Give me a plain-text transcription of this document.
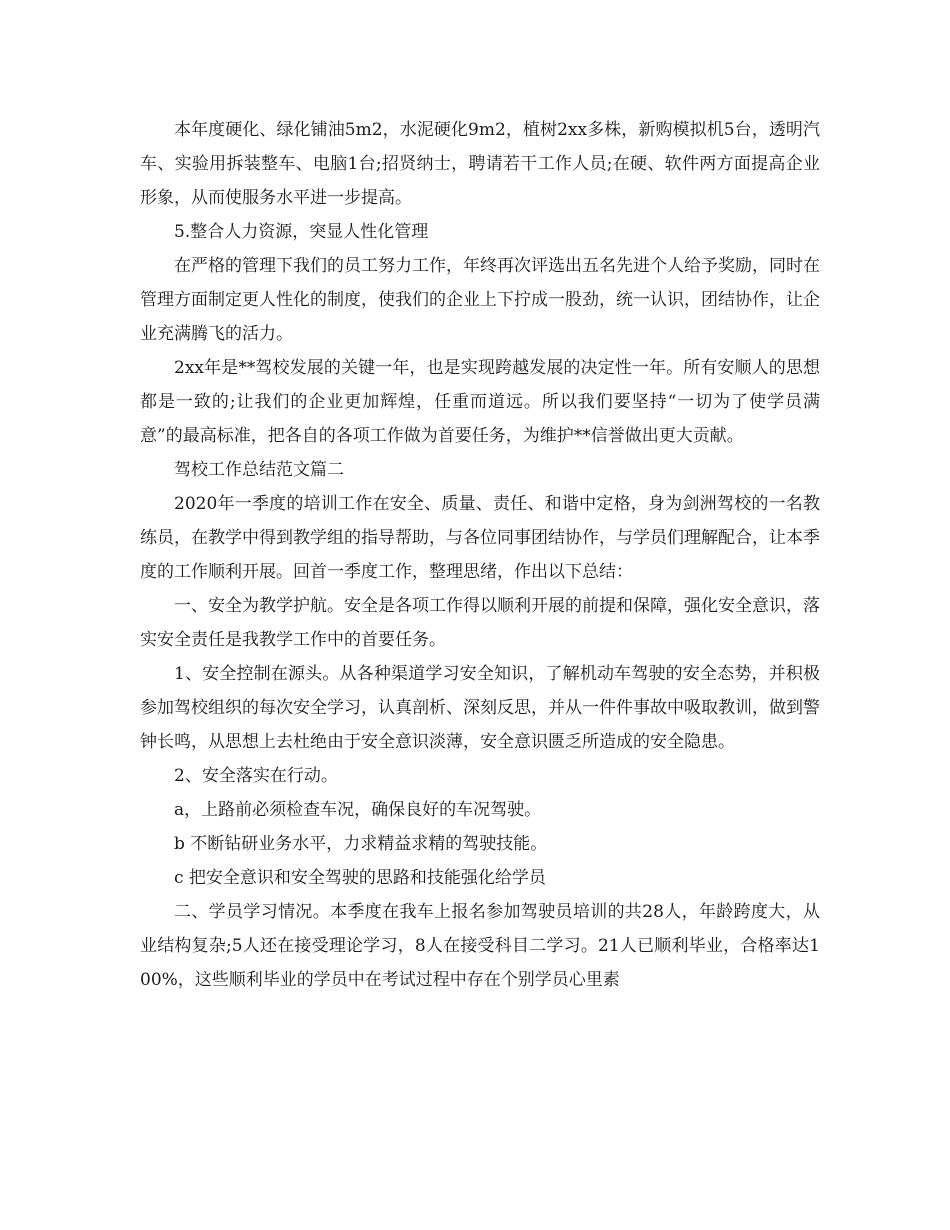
本年度硬化、绿化铺油5m2，水泥硬化9m2，植树2xx多株，新购模拟机5台，透明汽车、实验用拆装整车、电脑1台;招贤纳士，聘请若干工作人员;在硬、软件两方面提高企业形象，从而使服务水平进一步提高。

5.整合人力资源，突显人性化管理

在严格的管理下我们的员工努力工作，年终再次评选出五名先进个人给予奖励，同时在管理方面制定更人性化的制度，使我们的企业上下拧成一股劲，统一认识，团结协作，让企业充满腾飞的活力。

2xx年是**驾校发展的关键一年，也是实现跨越发展的决定性一年。所有安顺人的思想都是一致的;让我们的企业更加辉煌，任重而道远。所以我们要坚持“一切为了使学员满意”的最高标准，把各自的各项工作做为首要任务，为维护**信誉做出更大贡献。

驾校工作总结范文篇二

2020年一季度的培训工作在安全、质量、责任、和谐中定格，身为剑洲驾校的一名教练员，在教学中得到教学组的指导帮助，与各位同事团结协作，与学员们理解配合，让本季度的工作顺利开展。回首一季度工作，整理思绪，作出以下总结：

一、安全为教学护航。安全是各项工作得以顺利开展的前提和保障，强化安全意识，落实安全责任是我教学工作中的首要任务。

1、安全控制在源头。从各种渠道学习安全知识，了解机动车驾驶的安全态势，并积极参加驾校组织的每次安全学习，认真剖析、深刻反思，并从一件件事故中吸取教训，做到警钟长鸣，从思想上去杜绝由于安全意识淡薄，安全意识匮乏所造成的安全隐患。

2、安全落实在行动。

a，上路前必须检查车况，确保良好的车况驾驶。

b 不断钻研业务水平，力求精益求精的驾驶技能。

c 把安全意识和安全驾驶的思路和技能强化给学员

二、学员学习情况。本季度在我车上报名参加驾驶员培训的共28人，年龄跨度大，从业结构复杂;5人还在接受理论学习，8人在接受科目二学习。21人已顺利毕业，合格率达100%，这些顺利毕业的学员中在考试过程中存在个别学员心里素
